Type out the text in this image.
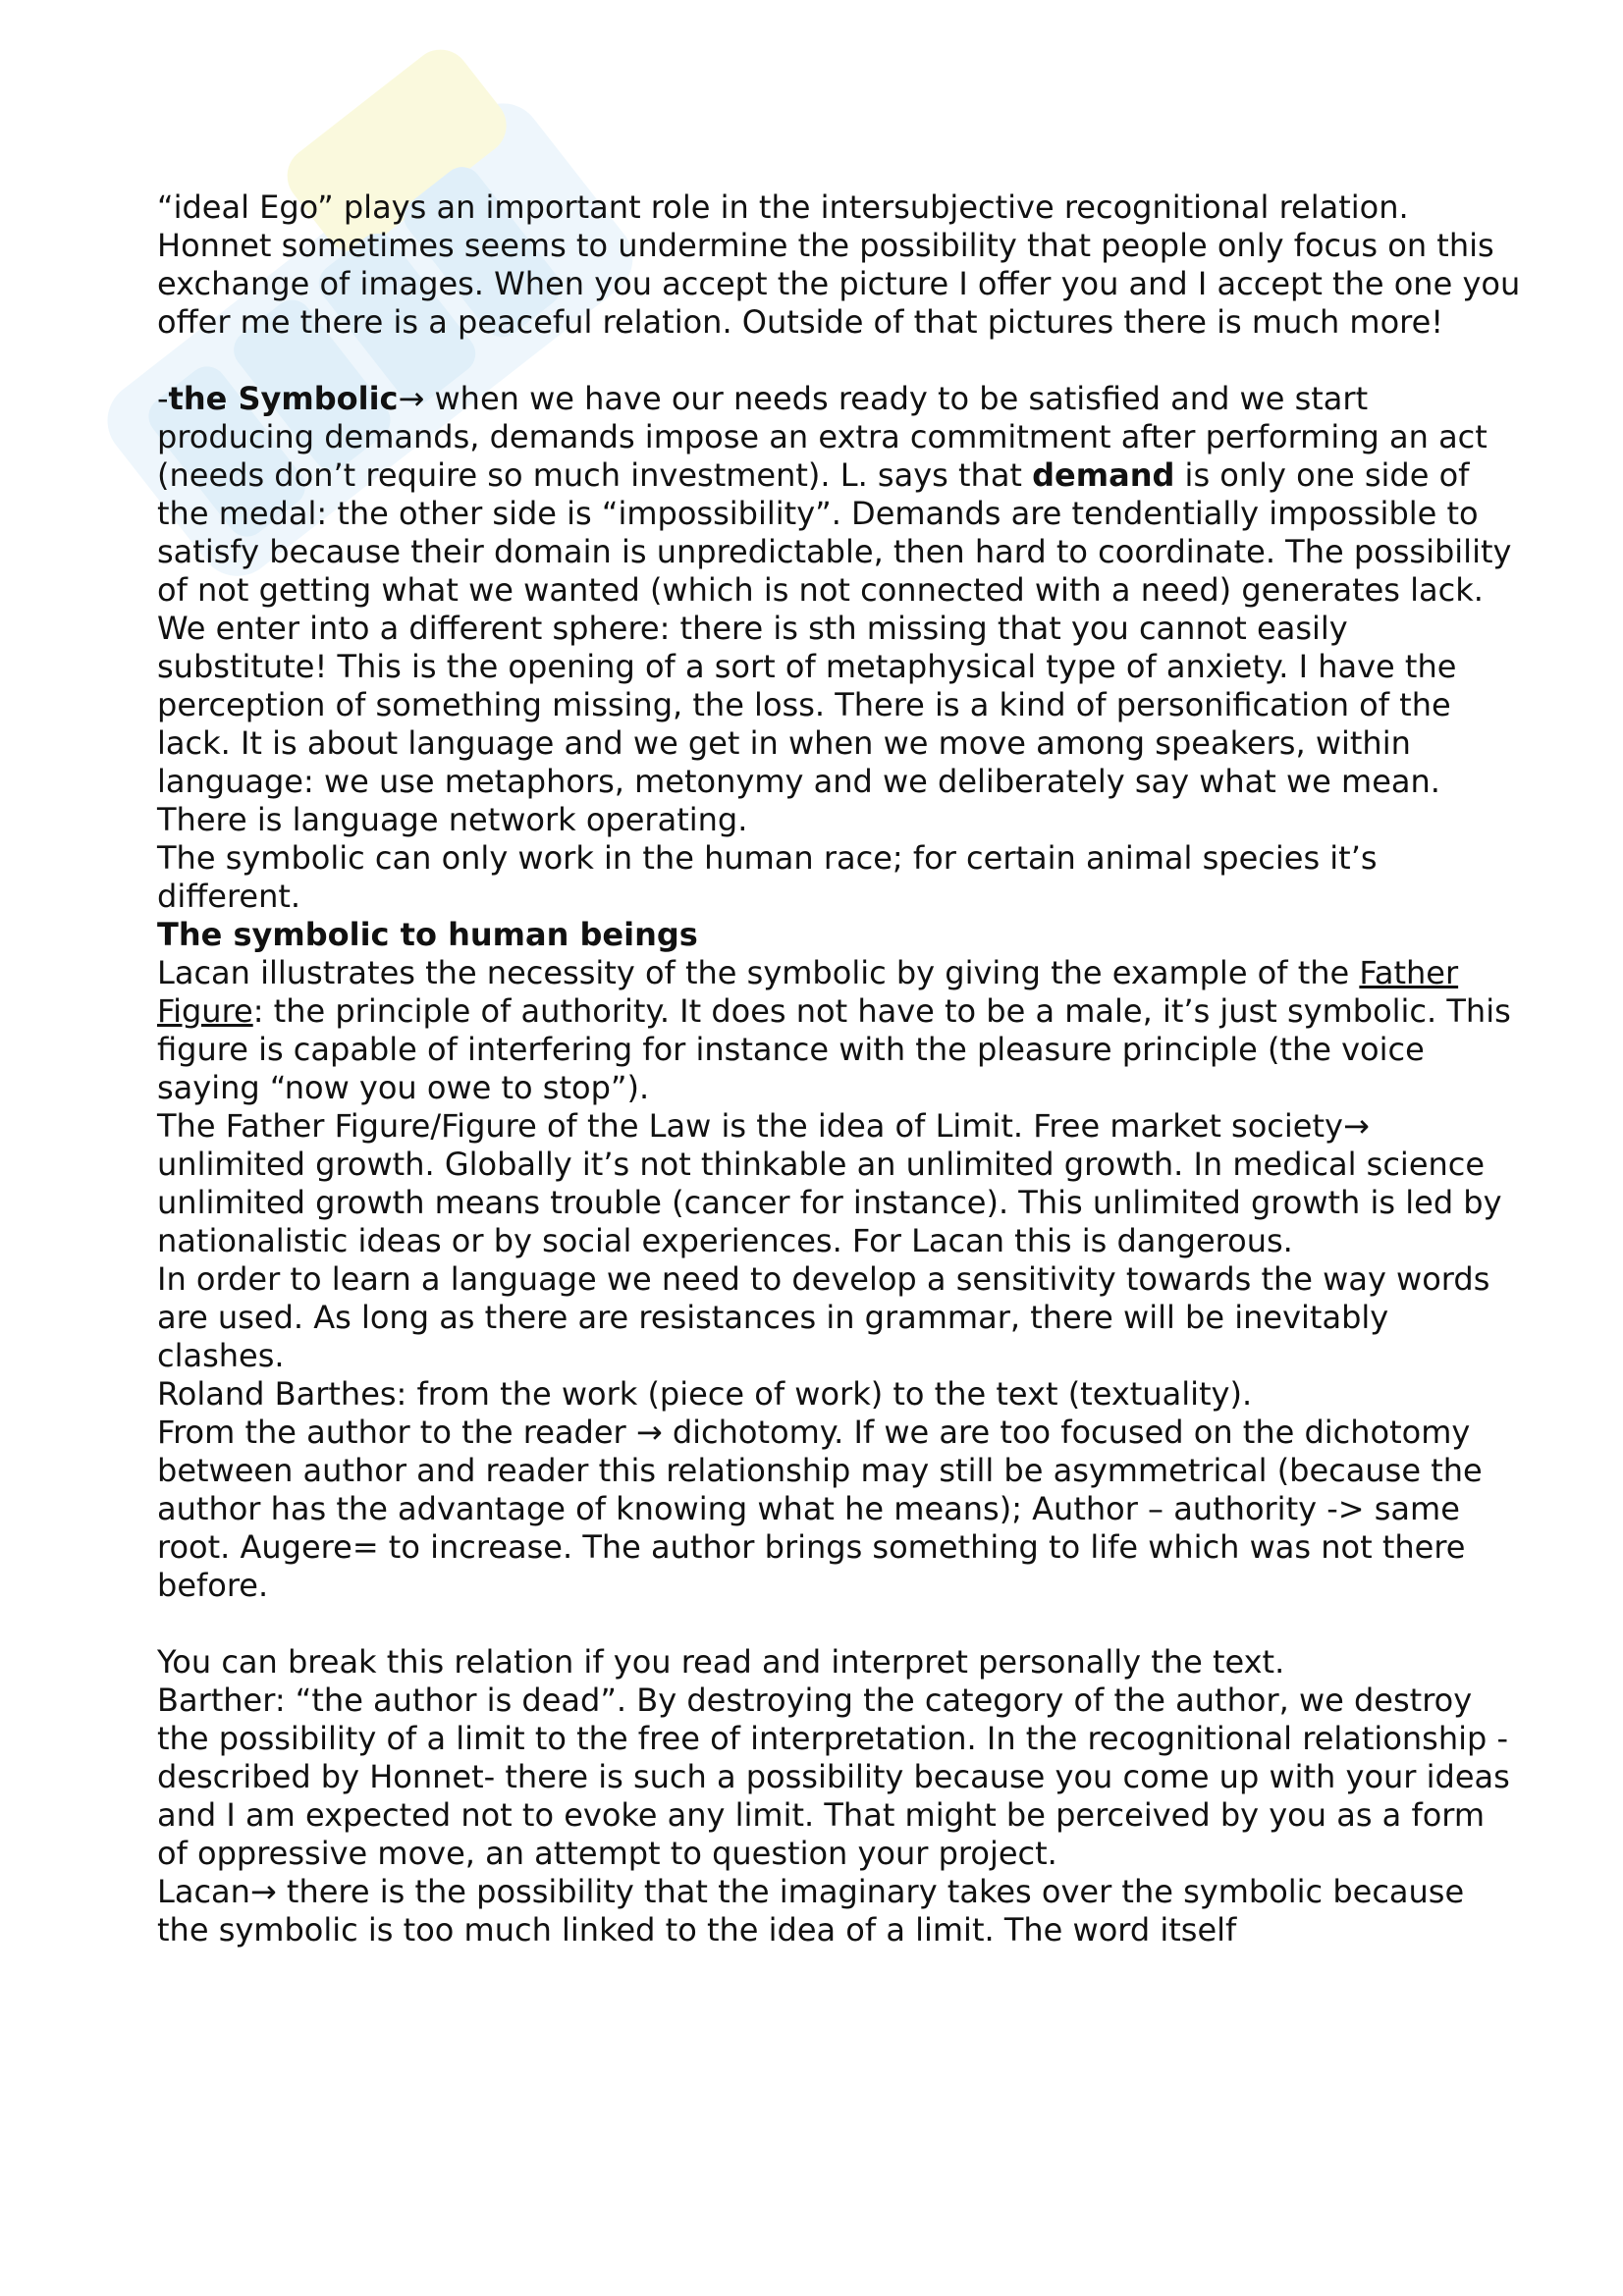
“ideal Ego” plays an important role in the intersubjective recognitional relation. Honnet sometimes seems to undermine the possibility that people only focus on this exchange of images. When you accept the picture I offer you and I accept the one you offer me there is a peaceful relation. Outside of that pictures there is much more!

-the Symbolic→ when we have our needs ready to be satisfied and we start producing demands, demands impose an extra commitment after performing an act (needs don’t require so much investment). L. says that demand is only one side of the medal: the other side is “impossibility”. Demands are tendentially impossible to satisfy because their domain is unpredictable, then hard to coordinate. The possibility of not getting what we wanted (which is not connected with a need) generates lack. We enter into a different sphere: there is sth missing that you cannot easily substitute! This is the opening of a sort of metaphysical type of anxiety. I have the perception of something missing, the loss. There is a kind of personification of the lack. It is about language and we get in when we move among speakers, within language: we use metaphors, metonymy and we deliberately say what we mean. There is language network operating.

The symbolic can only work in the human race; for certain animal species it’s different.

The symbolic to human beings

Lacan illustrates the necessity of the symbolic by giving the example of the Father Figure: the principle of authority. It does not have to be a male, it’s just symbolic. This figure is capable of interfering for instance with the pleasure principle (the voice saying “now you owe to stop”).

The Father Figure/Figure of the Law is the idea of Limit. Free market society→ unlimited growth. Globally it’s not thinkable an unlimited growth. In medical science unlimited growth means trouble (cancer for instance). This unlimited growth is led by nationalistic ideas or by social experiences. For Lacan this is dangerous.

In order to learn a language we need to develop a sensitivity towards the way words are used. As long as there are resistances in grammar, there will be inevitably clashes.

Roland Barthes: from the work (piece of work) to the text (textuality).

From the author to the reader → dichotomy. If we are too focused on the dichotomy between author and reader this relationship may still be asymmetrical (because the author has the advantage of knowing what he means); Author – authority -> same root. Augere= to increase. The author brings something to life which was not there before.

You can break this relation if you read and interpret personally the text.

Barther: “the author is dead”. By destroying the category of the author, we destroy the possibility of a limit to the free of interpretation. In the recognitional relationship -described by Honnet- there is such a possibility because you come up with your ideas and I am expected not to evoke any limit. That might be perceived by you as a form of oppressive move, an attempt to question your project.

Lacan→ there is the possibility that the imaginary takes over the symbolic because the symbolic is too much linked to the idea of a limit. The word itself
